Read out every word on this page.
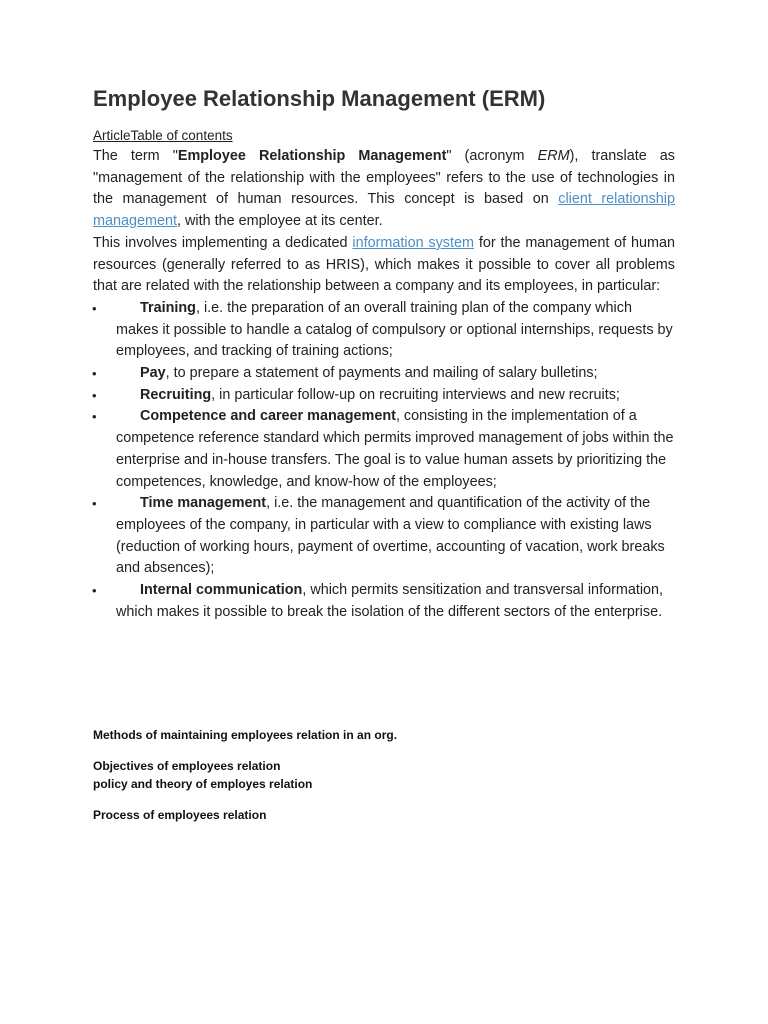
Employee Relationship Management (ERM)
ArticleTable of contents

The term "Employee Relationship Management" (acronym ERM), translate as "management of the relationship with the employees" refers to the use of technologies in the management of human resources. This concept is based on client relationship management, with the employee at its center.

This involves implementing a dedicated information system for the management of human resources (generally referred to as HRIS), which makes it possible to cover all problems that are related with the relationship between a company and its employees, in particular:

•	Training, i.e. the preparation of an overall training plan of the company which makes it possible to handle a catalog of compulsory or optional internships, requests by employees, and tracking of training actions;
•	Pay, to prepare a statement of payments and mailing of salary bulletins;
•	Recruiting, in particular follow-up on recruiting interviews and new recruits;
•	Competence and career management, consisting in the implementation of a competence reference standard which permits improved management of jobs within the enterprise and in-house transfers. The goal is to value human assets by prioritizing the competences, knowledge, and know-how of the employees;
•	Time management, i.e. the management and quantification of the activity of the employees of the company, in particular with a view to compliance with existing laws (reduction of working hours, payment of overtime, accounting of vacation, work breaks and absences);
•	Internal communication, which permits sensitization and transversal information, which makes it possible to break the isolation of the different sectors of the enterprise.
Methods of maintaining employees relation in an org.
Objectives of employees relation
policy and theory of employes relation
Process of employees relation
